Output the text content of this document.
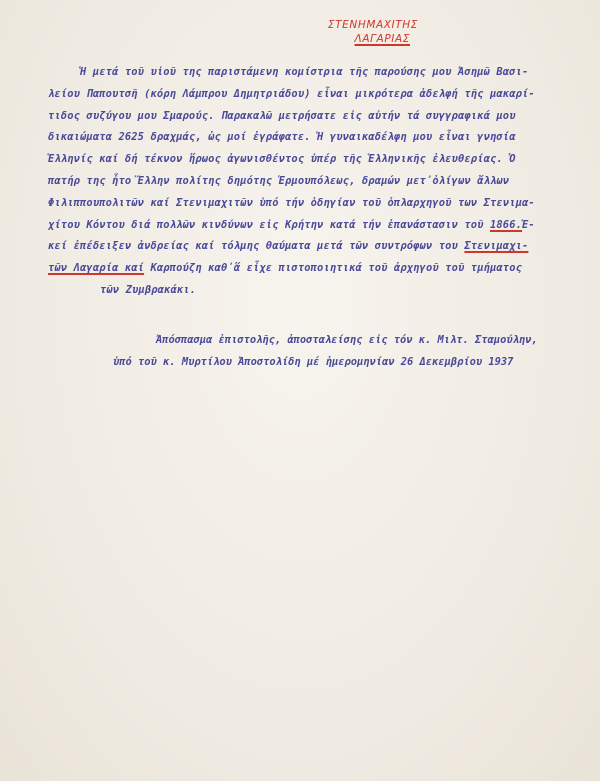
ΣΤΕΝΗΜΑΧΙΤΗΣ
ΛΑΓΑΡΙΑΣ
Ἡ μετά τοῦ υἱοῦ της παριστάμενη κομίστρια τῆς παρούσης μου Ἀσημῶ Βασι-
λείου Παπουτσῆ (κόρη Λάμπρου Δημητριάδου) εἶναι μικρότερα ἀδελφή τῆς μακαρί-
τιδος συζύγου μου Σμαρούς. Παρακαλῶ μετρήσατε εἰς αὐτήν τά συγγραφικά μου
δικαιώματα 2625 δραχμάς, ὡς μοί ἐγράφατε. Ἡ γυναικαδέλφη μου εἶναι γνησία
Ἑλληνίς καί δή τέκνον ἥρωος ἀγωνισθέντος ὑπέρ τῆς Ἑλληνικῆς ἐλευθερίας. Ὁ
πατήρ της ἦτο Ἕλλην πολίτης δημότης Ἑρμουπόλεως, δραμών μετ᾽ὀλίγων ἄλλων
Φιλιππουπολιτῶν καί Στενιμαχιτῶν ὑπό τήν ὁδηγίαν τοῦ ὁπλαρχηγοῦ των Στενιμα-
χίτου Κόντου διά πολλῶν κινδύνων εἰς Κρήτην κατά τήν ἐπανάστασιν τοῦ 1866.Ἐ-
κεί ἐπέδειξεν ἀνδρείας καί τόλμης θαύματα μετά τῶν συντρόφων του Στενιμαχι-
τῶν Λαγαρία καί Καρπούζη καθ᾽ἅ εἶχε πιστοποιητικά τοῦ ἀρχηγοῦ τοῦ τμήματος
τῶν Ζυμβρακάκι.
Ἀπόσπασμα ἐπιστολῆς, ἀποσταλείσης εἰς τόν κ. Μιλτ. Σταμούλην,
ὑπό τοῦ κ. Μυρτίλου Ἀποστολίδη μέ ἡμερομηνίαν 26 Δεκεμβρίου 1937
